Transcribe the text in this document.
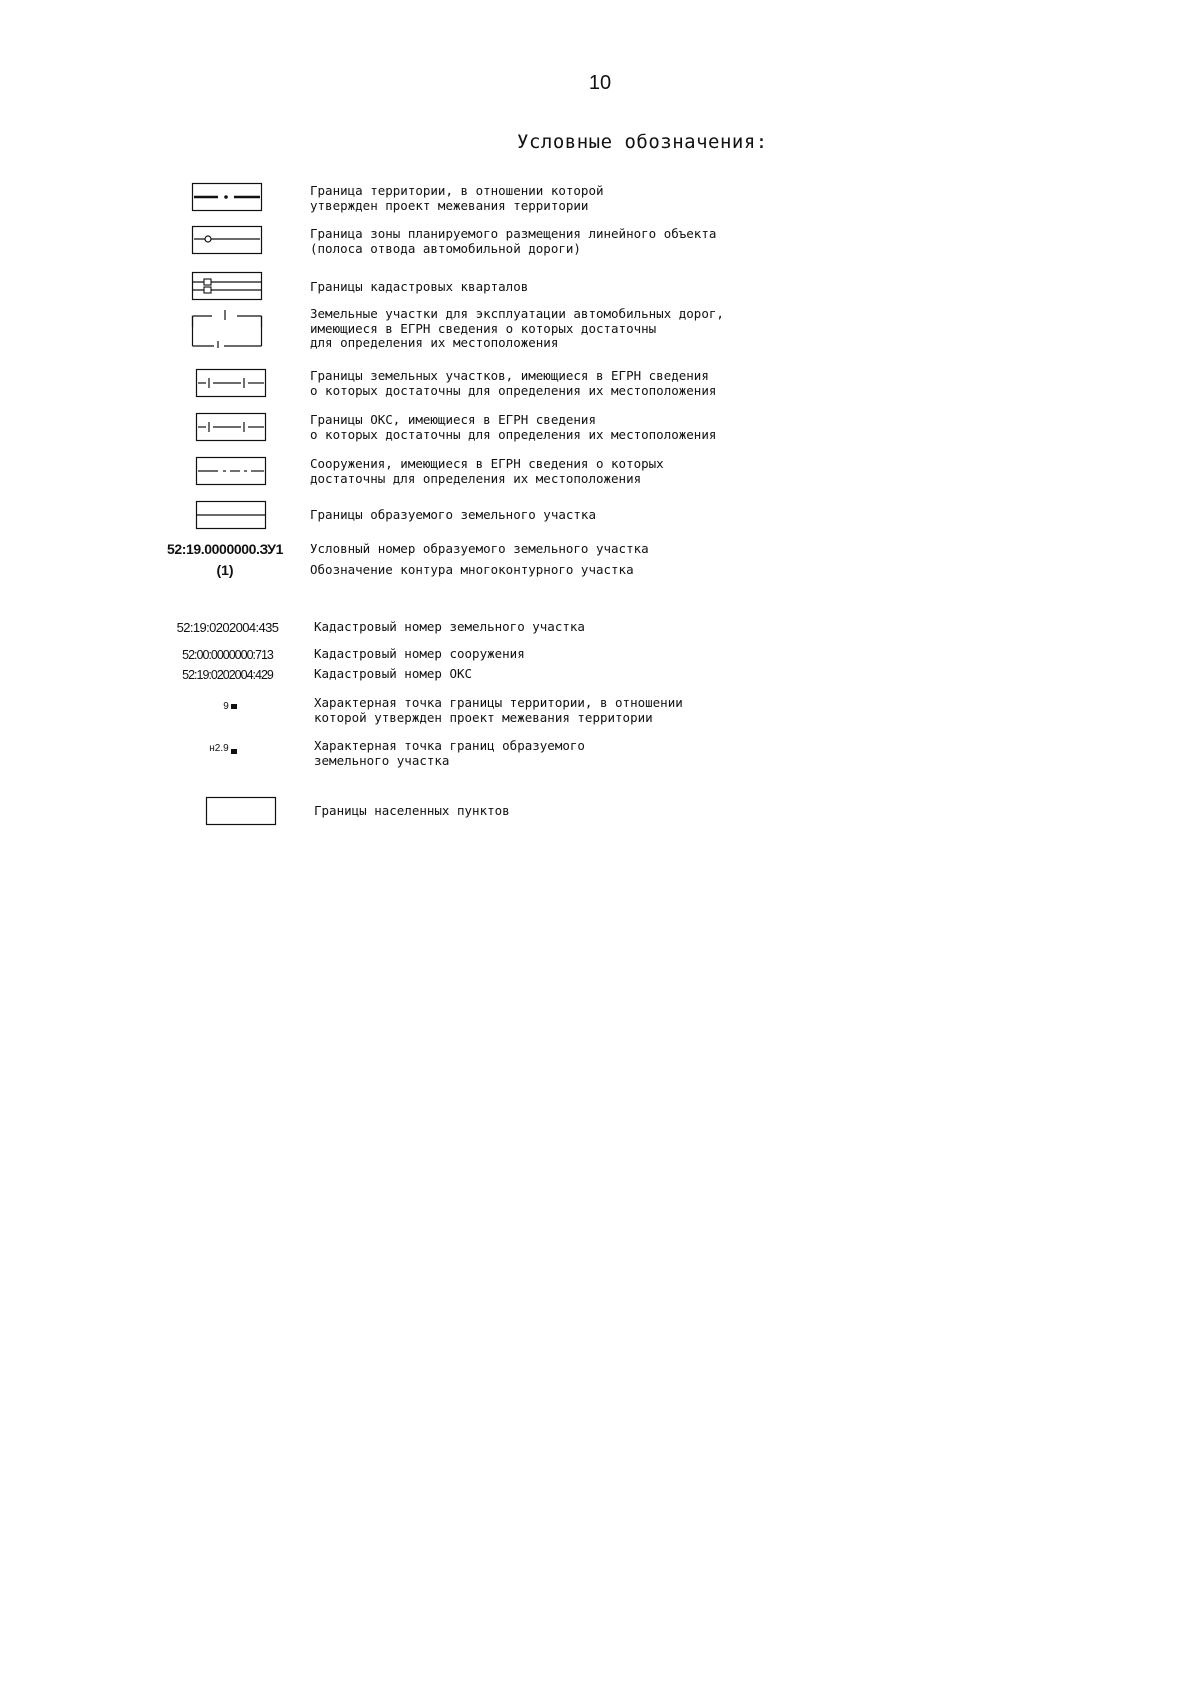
10
Условные обозначения:
Граница территории, в отношении которой
утвержден проект межевания территории
Граница зоны планируемого размещения линейного объекта
(полоса отвода автомобильной дороги)
Границы кадастровых кварталов
Земельные участки для эксплуатации автомобильных дорог,
имеющиеся в ЕГРН сведения о которых достаточны
для определения их местоположения
Границы земельных участков, имеющиеся в ЕГРН сведения
о которых достаточны для определения их местоположения
Границы ОКС, имеющиеся в ЕГРН сведения
о которых достаточны для определения их местоположения
Сооружения, имеющиеся в ЕГРН сведения о которых
достаточны для определения их местоположения
Границы образуемого земельного участка
52:19.0000000.ЗУ1	Условный номер образуемого земельного участка
(1)	Обозначение контура многоконтурного участка
52:19:0202004:435	Кадастровый номер земельного участка
52:00:0000000:713	Кадастровый номер сооружения
52:19:0202004:429	Кадастровый номер ОКС
9	Характерная точка границы территории, в отношении
которой утвержден проект межевания территории
н2.9	Характерная точка границ образуемого
земельного участка
Границы населенных пунктов
